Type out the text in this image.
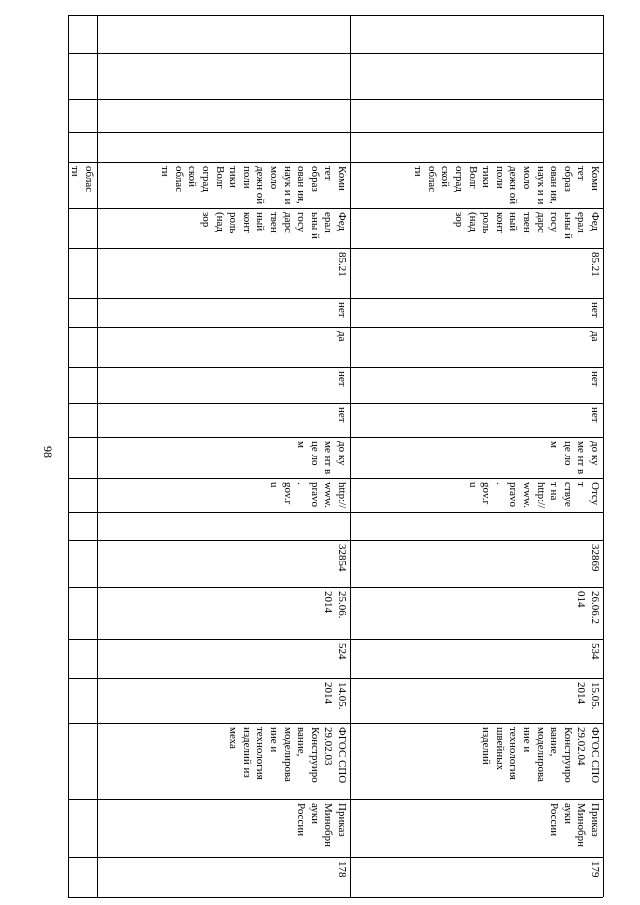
98
облас ти	Коми тет образ ован ия, наук и и моло дежн ой поли тики Волг оград ской облас ти
Фед ерал ьны й госу дарс твен ный конт роль (над зор
85.21
нет
да
нет
нет
до ку ме нт в це ло м
http:// www. pravo. gov.ru
32854
25.06. 2014
524
14.05. 2014
ФГОС СПО 29.02.03 Конструиро вание, моделирова ние и технология изделий из меха
Приказ Минобрн ауки России
178
Коми тет образ ован ия, наук и и моло дежн ой поли тики Волг оград ской облас ти
Фед ерал ьны й госу дарс твен ный конт роль (над зор
85.21
нет
да
нет
нет
до ку ме нт в це ло м
Отсут ствуе т на http:// www. pravo. gov.ru
32869
26.06.2 014
534
15.05. 2014
ФГОС СПО 29.02.04 Конструиро вание, моделирова ние и технология швейных изделий
Приказ Минобрн ауки России
179
